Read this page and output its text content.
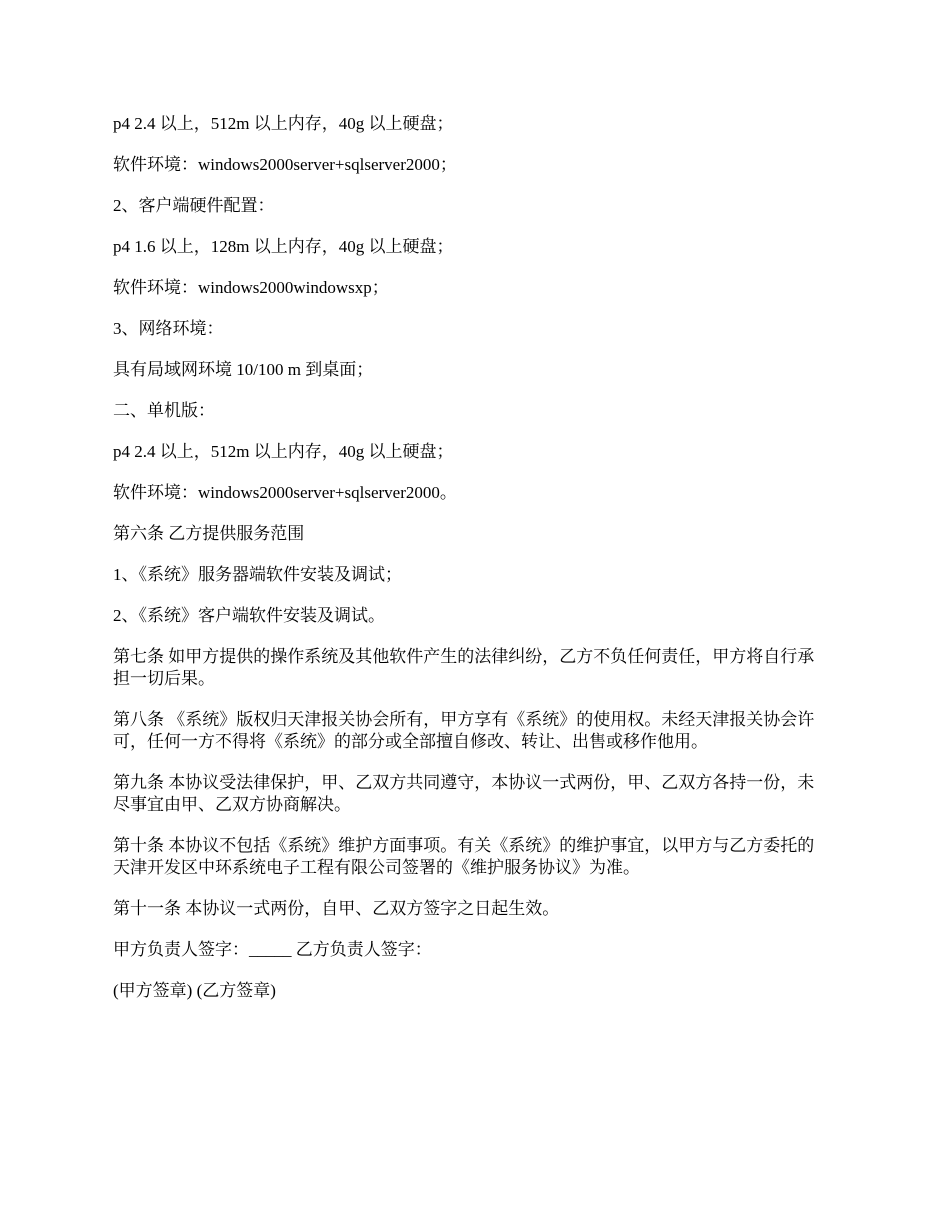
p4 2.4 以上，512m 以上内存，40g 以上硬盘；

软件环境：windows2000server+sqlserver2000；

2、客户端硬件配置：

p4 1.6 以上，128m 以上内存，40g 以上硬盘；

软件环境：windows2000windowsxp；

3、网络环境：

具有局域网环境 10/100 m 到桌面；

二、单机版：

p4 2.4 以上，512m 以上内存，40g 以上硬盘；

软件环境：windows2000server+sqlserver2000。

第六条 乙方提供服务范围

1、《系统》服务器端软件安装及调试；

2、《系统》客户端软件安装及调试。

第七条 如甲方提供的操作系统及其他软件产生的法律纠纷，乙方不负任何责任，甲方将自行承担一切后果。

第八条 《系统》版权归天津报关协会所有，甲方享有《系统》的使用权。未经天津报关协会许可，任何一方不得将《系统》的部分或全部擅自修改、转让、出售或移作他用。

第九条 本协议受法律保护，甲、乙双方共同遵守，本协议一式两份，甲、乙双方各持一份，未尽事宜由甲、乙双方协商解决。

第十条 本协议不包括《系统》维护方面事项。有关《系统》的维护事宜，以甲方与乙方委托的天津开发区中环系统电子工程有限公司签署的《维护服务协议》为准。

第十一条 本协议一式两份，自甲、乙双方签字之日起生效。

甲方负责人签字：_____ 乙方负责人签字：

(甲方签章) (乙方签章)
